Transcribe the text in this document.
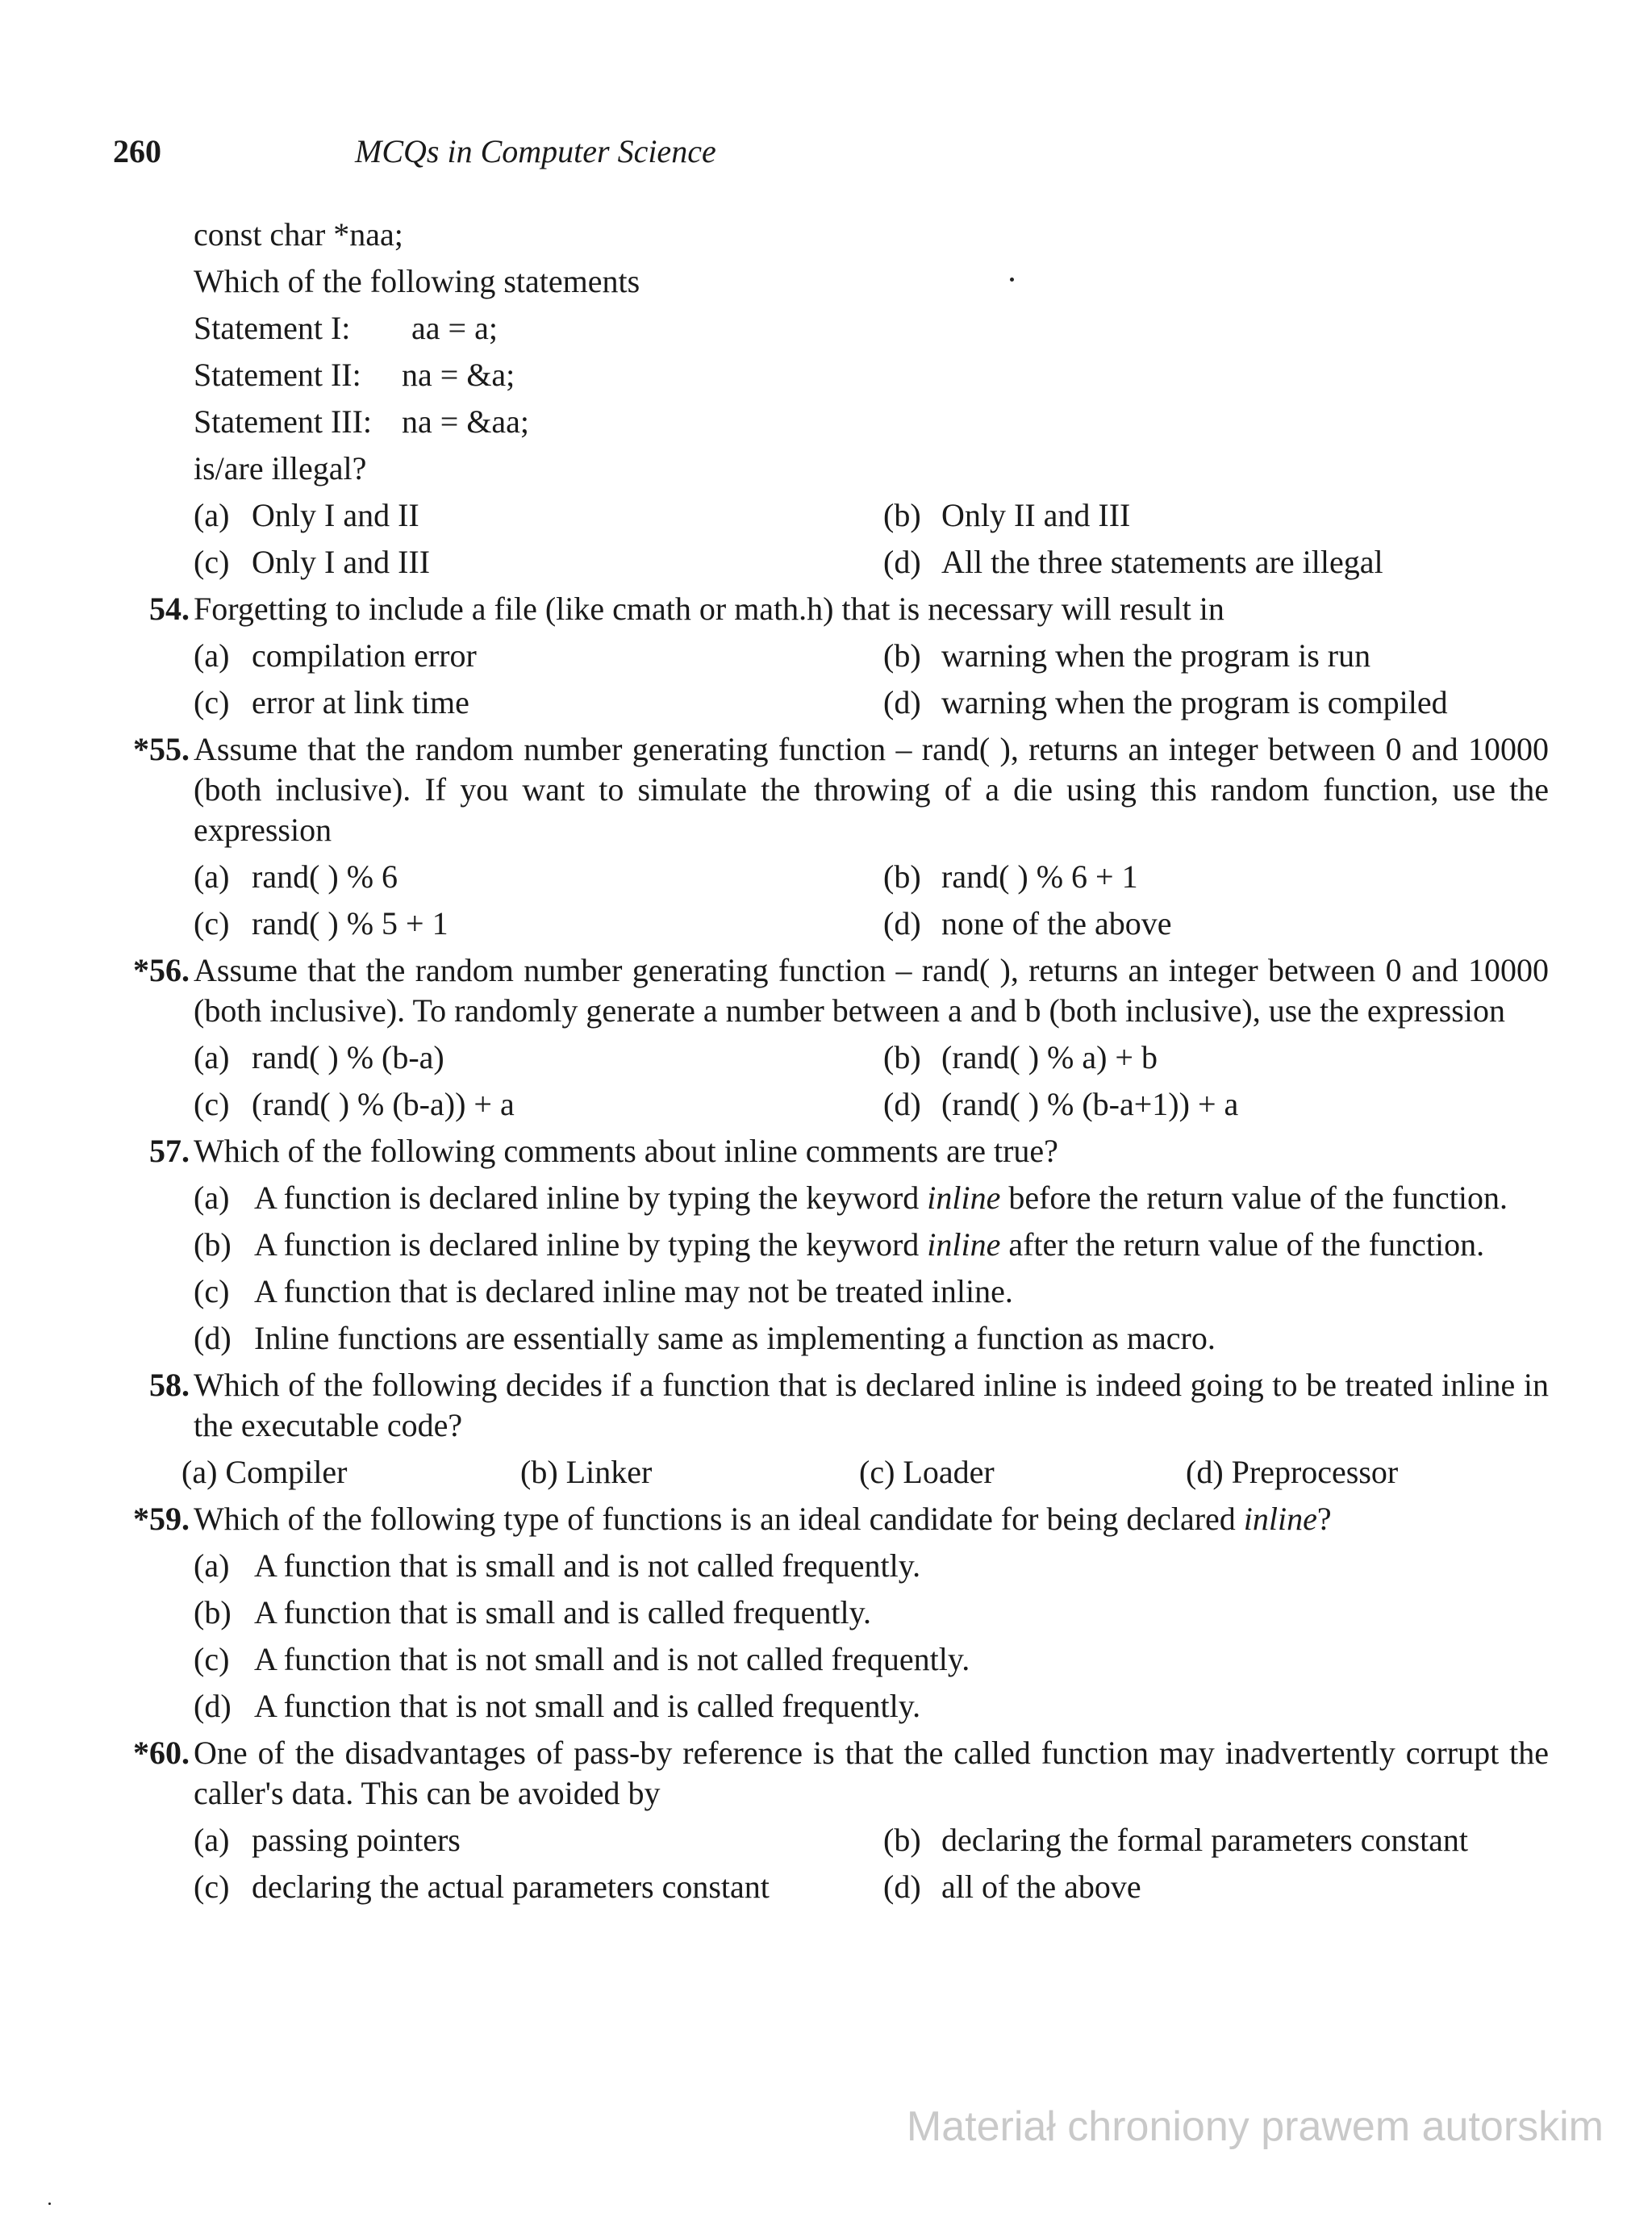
260	MCQs in Computer Science
const char *naa;
Which of the following statements
Statement I: aa = a;
Statement II: na = &a;
Statement III: na = &aa;
is/are illegal?
(a) Only I and II	(b) Only II and III
(c) Only I and III	(d) All the three statements are illegal
54. Forgetting to include a file (like cmath or math.h) that is necessary will result in
(a) compilation error	(b) warning when the program is run
(c) error at link time	(d) warning when the program is compiled
*55. Assume that the random number generating function – rand( ), returns an integer between 0 and 10000 (both inclusive). If you want to simulate the throwing of a die using this random function, use the expression
(a) rand( ) % 6	(b) rand( ) % 6 + 1
(c) rand( ) % 5 + 1	(d) none of the above
*56. Assume that the random number generating function – rand( ), returns an integer between 0 and 10000 (both inclusive). To randomly generate a number between a and b (both inclusive), use the expression
(a) rand( ) % (b-a)	(b) (rand( ) % a) + b
(c) (rand( ) % (b-a)) + a	(d) (rand( ) % (b-a+1)) + a
57. Which of the following comments about inline comments are true?
(a) A function is declared inline by typing the keyword inline before the return value of the function.
(b) A function is declared inline by typing the keyword inline after the return value of the function.
(c) A function that is declared inline may not be treated inline.
(d) Inline functions are essentially same as implementing a function as macro.
58. Which of the following decides if a function that is declared inline is indeed going to be treated inline in the executable code?
(a) Compiler	(b) Linker	(c) Loader	(d) Preprocessor
*59. Which of the following type of functions is an ideal candidate for being declared inline?
(a) A function that is small and is not called frequently.
(b) A function that is small and is called frequently.
(c) A function that is not small and is not called frequently.
(d) A function that is not small and is called frequently.
*60. One of the disadvantages of pass-by reference is that the called function may inadvertently corrupt the caller's data. This can be avoided by
(a) passing pointers	(b) declaring the formal parameters constant
(c) declaring the actual parameters constant	(d) all of the above
Materiał chroniony prawem autorskim
